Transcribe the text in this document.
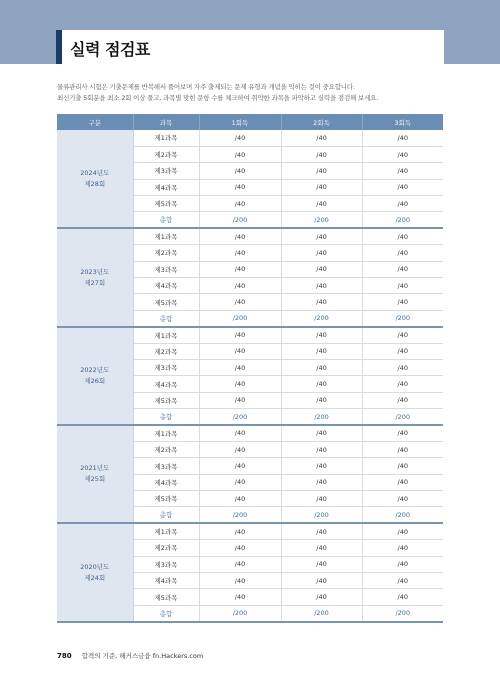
실력 점검표
물류관리사 시험은 기출문제를 반복해서 풀어보며 자주 출제되는 문제 유형과 개념을 익히는 것이 중요합니다.
최신기출 5회분을 최소 2회 이상 풀고, 과목별 맞힌 문항 수를 체크하여 취약한 과목을 파악하고 실력을 점검해 보세요.
구분	과목	1회독	2회독	3회독

2024년도
제28회	제1과목	/40	/40	/40
	제2과목	/40	/40	/40
	제3과목	/40	/40	/40
	제4과목	/40	/40	/40
	제5과목	/40	/40	/40
	총합	/200	/200	/200

2023년도
제27회	제1과목	/40	/40	/40
	제2과목	/40	/40	/40
	제3과목	/40	/40	/40
	제4과목	/40	/40	/40
	제5과목	/40	/40	/40
	총합	/200	/200	/200

2022년도
제26회	제1과목	/40	/40	/40
	제2과목	/40	/40	/40
	제3과목	/40	/40	/40
	제4과목	/40	/40	/40
	제5과목	/40	/40	/40
	총합	/200	/200	/200

2021년도
제25회	제1과목	/40	/40	/40
	제2과목	/40	/40	/40
	제3과목	/40	/40	/40
	제4과목	/40	/40	/40
	제5과목	/40	/40	/40
	총합	/200	/200	/200

2020년도
제24회	제1과목	/40	/40	/40
	제2과목	/40	/40	/40
	제3과목	/40	/40	/40
	제4과목	/40	/40	/40
	제5과목	/40	/40	/40
	총합	/200	/200	/200
780 합격의 기준, 해커스금융 fn.Hackers.com
